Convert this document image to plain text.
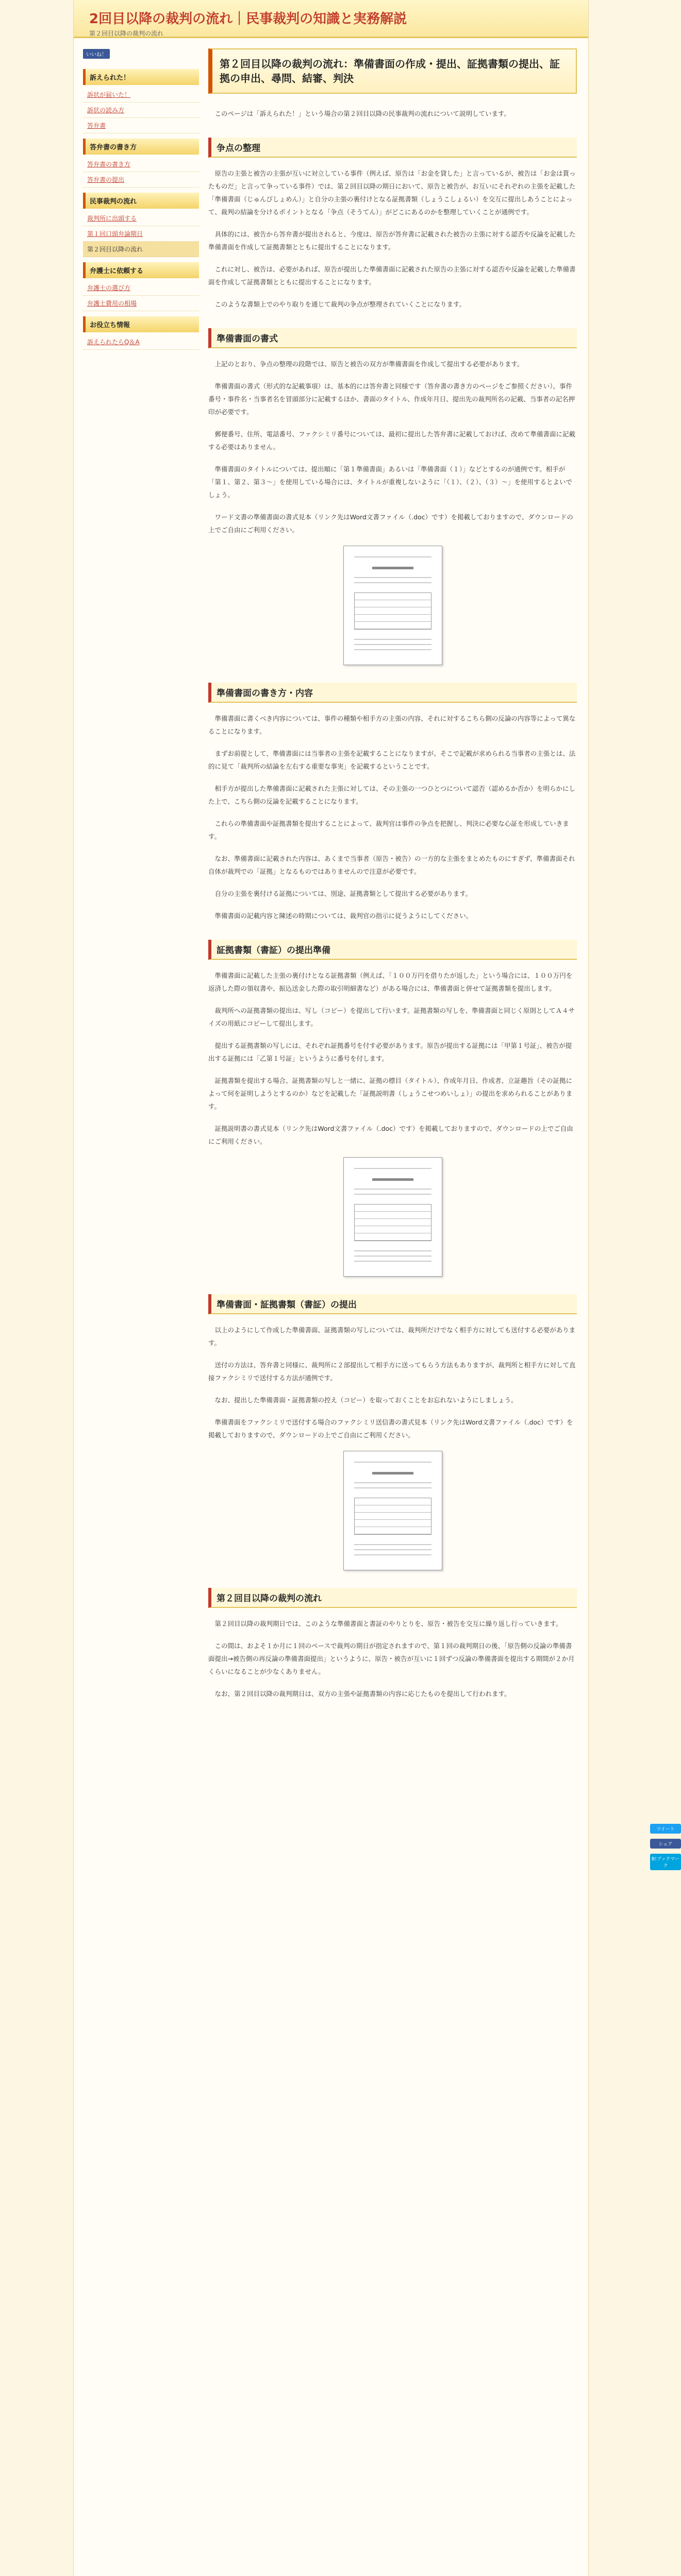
2回目以降の裁判の流れ｜民事裁判の知識と実務解説
第２回目以降の裁判の流れ
いいね！
訴えられた！
訴状が届いた！
訴状の読み方
答弁書
答弁書の書き方
答弁書の書き方
答弁書の提出
民事裁判の流れ
裁判所に出頭する
第１回口頭弁論期日
第２回目以降の流れ
弁護士に依頼する
弁護士の選び方
弁護士費用の相場
お役立ち情報
訴えられたらQ＆A
第２回目以降の裁判の流れ：準備書面の作成・提出、証拠書類の提出、証拠の申出、尋問、結審、判決

このページは「訴えられた！」という場合の第２回目以降の民事裁判の流れについて説明しています。

争点の整理

原告の主張と被告の主張が互いに対立している事件（例えば、原告は「お金を貸した」と言っているが、被告は「お金は貰ったものだ」と言って争っている事件）では、第２回目以降の期日において、原告と被告が、お互いにそれぞれの主張を記載した「準備書面（じゅんびしょめん）」と自分の主張の裏付けとなる証拠書類（しょうこしょるい）を交互に提出しあうことによって、裁判の結論を分けるポイントとなる「争点（そうてん）」がどこにあるのかを整理していくことが通例です。

具体的には、被告から答弁書が提出されると、今度は、原告が答弁書に記載された被告の主張に対する認否や反論を記載した準備書面を作成して証拠書類とともに提出することになります。

これに対し、被告は、必要があれば、原告が提出した準備書面に記載された原告の主張に対する認否や反論を記載した準備書面を作成して証拠書類とともに提出することになります。

このような書類上でのやり取りを通じて裁判の争点が整理されていくことになります。

準備書面の書式

上記のとおり、争点の整理の段階では、原告と被告の双方が準備書面を作成して提出する必要があります。

準備書面の書式（形式的な記載事項）は、基本的には答弁書と同様です（答弁書の書き方のページをご参照ください）。事件番号・事件名・当事者名を冒頭部分に記載するほか、書面のタイトル、作成年月日、提出先の裁判所名の記載、当事者の記名押印が必要です。

郵便番号、住所、電話番号、ファクシミリ番号については、最初に提出した答弁書に記載しておけば、改めて準備書面に記載する必要はありません。

準備書面のタイトルについては、提出順に「第１準備書面」あるいは「準備書面（１）」などとするのが通例です。相手が「第１、第２、第３〜」を使用している場合には、タイトルが重複しないように「（１）、（２）、（３）〜」を使用するとよいでしょう。

ワード文書の準備書面の書式見本（リンク先はWord文書ファイル（.doc）です）を掲載しておりますので、ダウンロードの上でご自由にご利用ください。

準備書面の書き方・内容

準備書面に書くべき内容については、事件の種類や相手方の主張の内容、それに対するこちら側の反論の内容等によって異なることになります。

まずお前提として、準備書面には当事者の主張を記載することになりますが、そこで記載が求められる当事者の主張とは、法的に見て「裁判所の結論を左右する重要な事実」を記載するということです。

相手方が提出した準備書面に記載された主張に対しては、その主張の一つひとつについて認否（認めるか否か）を明らかにした上で、こちら側の反論を記載することになります。

これらの準備書面や証拠書類を提出することによって、裁判官は事件の争点を把握し、判決に必要な心証を形成していきます。

なお、準備書面に記載された内容は、あくまで当事者（原告・被告）の一方的な主張をまとめたものにすぎず、準備書面それ自体が裁判での「証拠」となるものではありませんので注意が必要です。

自分の主張を裏付ける証拠については、別途、証拠書類として提出する必要があります。

準備書面の記載内容と陳述の時期については、裁判官の指示に従うようにしてください。

証拠書類（書証）の提出準備

準備書面に記載した主張の裏付けとなる証拠書類（例えば、「１００万円を借りたが返した」という場合には、１００万円を返済した際の領収書や、振込送金した際の取引明細書など）がある場合には、準備書面と併せて証拠書類を提出します。

裁判所への証拠書類の提出は、写し（コピー）を提出して行います。証拠書類の写しを、準備書面と同じく原則としてＡ４サイズの用紙にコピーして提出します。

提出する証拠書類の写しには、それぞれ証拠番号を付す必要があります。原告が提出する証拠には「甲第１号証」、被告が提出する証拠には「乙第１号証」というように番号を付します。

証拠書類を提出する場合、証拠書類の写しと一緒に、証拠の標目（タイトル）、作成年月日、作成者、立証趣旨（その証拠によって何を証明しようとするのか）などを記載した「証拠説明書（しょうこせつめいしょ）」の提出を求められることがあります。

証拠説明書の書式見本（リンク先はWord文書ファイル（.doc）です）を掲載しておりますので、ダウンロードの上でご自由にご利用ください。

準備書面・証拠書類（書証）の提出

以上のようにして作成した準備書面、証拠書類の写しについては、裁判所だけでなく相手方に対しても送付する必要があります。

送付の方法は、答弁書と同様に、裁判所に２部提出して相手方に送ってもらう方法もありますが、裁判所と相手方に対して直接ファクシミリで送付する方法が通例です。

なお、提出した準備書面・証拠書類の控え（コピー）を取っておくことをお忘れないようにしましょう。

準備書面をファクシミリで送付する場合のファクシミリ送信書の書式見本（リンク先はWord文書ファイル（.doc）です）を掲載しておりますので、ダウンロードの上でご自由にご利用ください。

第２回目以降の裁判の流れ

第２回目以降の裁判期日では、このような準備書面と書証のやりとりを、原告・被告を交互に繰り返し行っていきます。

この間は、およそ１か月に１回のペースで裁判の期日が指定されますので、第１回の裁判期日の後、「原告側の反論の準備書面提出→被告側の再反論の準備書面提出」というように、原告・被告が互いに１回ずつ反論の準備書面を提出する期間が２か月くらいになることが少なくありません。

なお、第２回目以降の裁判期日は、双方の主張や証拠書類の内容に応じたものを提出して行われます。

ツイート
シェア
B!ブックマーク
